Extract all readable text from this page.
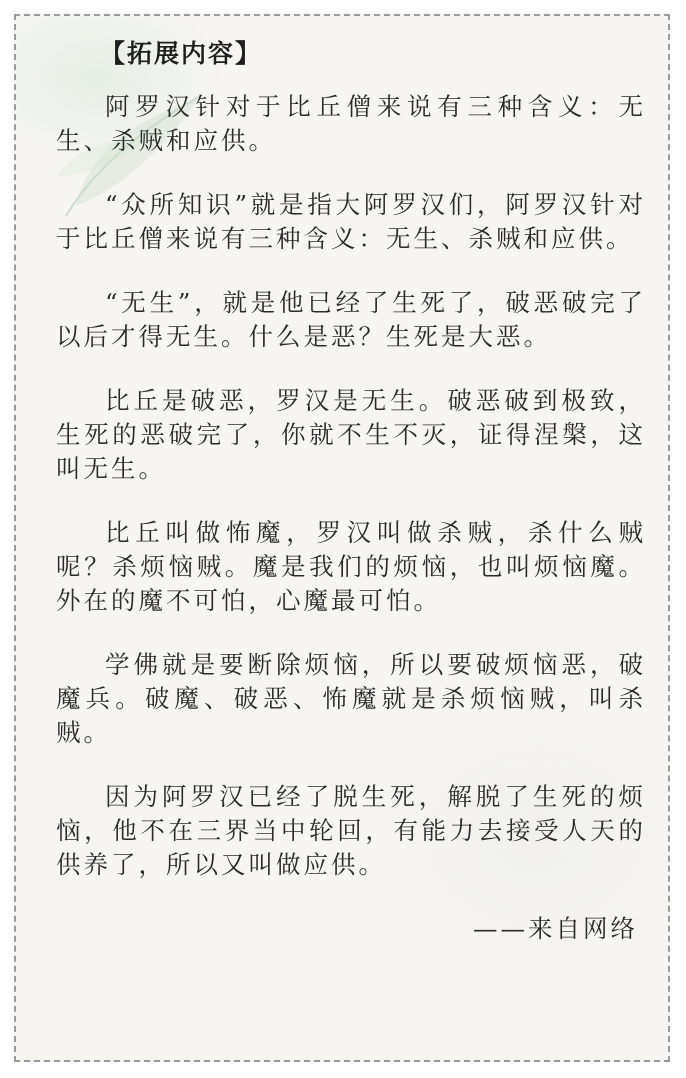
【拓展内容】

阿罗汉针对于比丘僧来说有三种含义：无生、杀贼和应供。

“众所知识”就是指大阿罗汉们，阿罗汉针对于比丘僧来说有三种含义：无生、杀贼和应供。

“无生”，就是他已经了生死了，破恶破完了以后才得无生。什么是恶？生死是大恶。

比丘是破恶，罗汉是无生。破恶破到极致，生死的恶破完了，你就不生不灭，证得涅槃，这叫无生。

比丘叫做怖魔，罗汉叫做杀贼，杀什么贼呢？杀烦恼贼。魔是我们的烦恼，也叫烦恼魔。外在的魔不可怕，心魔最可怕。

学佛就是要断除烦恼，所以要破烦恼恶，破魔兵。破魔、破恶、怖魔就是杀烦恼贼，叫杀贼。

因为阿罗汉已经了脱生死，解脱了生死的烦恼，他不在三界当中轮回，有能力去接受人天的供养了，所以又叫做应供。

——来自网络
